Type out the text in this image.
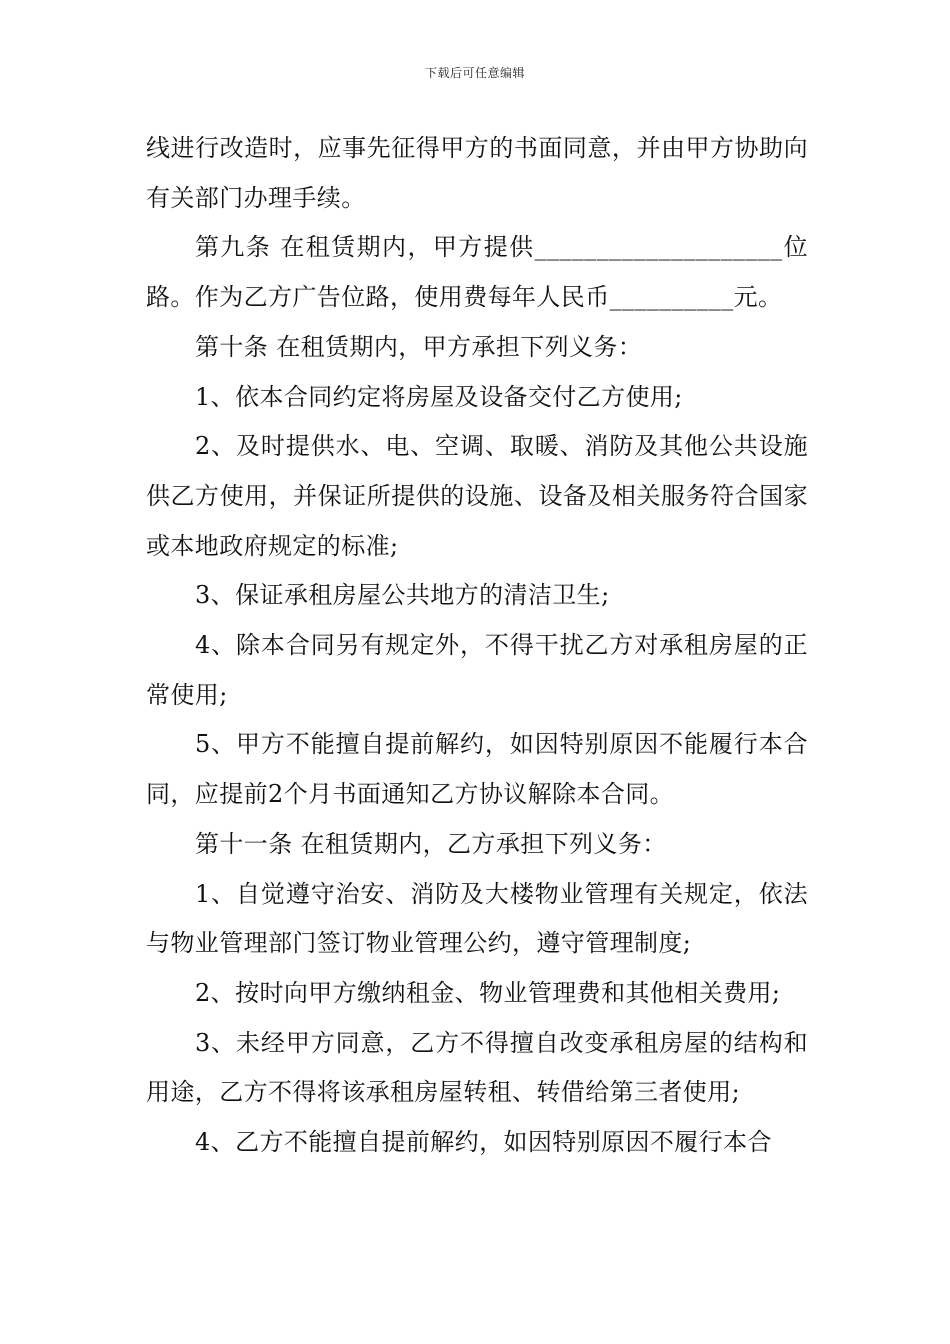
下载后可任意编辑

线进行改造时，应事先征得甲方的书面同意，并由甲方协助向有关部门办理手续。

第九条 在租赁期内，甲方提供____________________位路。作为乙方广告位路，使用费每年人民币__________元。

第十条 在租赁期内，甲方承担下列义务：

1、依本合同约定将房屋及设备交付乙方使用;

2、及时提供水、电、空调、取暖、消防及其他公共设施供乙方使用，并保证所提供的设施、设备及相关服务符合国家或本地政府规定的标准;

3、保证承租房屋公共地方的清洁卫生;

4、除本合同另有规定外，不得干扰乙方对承租房屋的正常使用;

5、甲方不能擅自提前解约，如因特别原因不能履行本合同，应提前2个月书面通知乙方协议解除本合同。

第十一条 在租赁期内，乙方承担下列义务：

1、自觉遵守治安、消防及大楼物业管理有关规定，依法与物业管理部门签订物业管理公约，遵守管理制度;

2、按时向甲方缴纳租金、物业管理费和其他相关费用;

3、未经甲方同意，乙方不得擅自改变承租房屋的结构和用途，乙方不得将该承租房屋转租、转借给第三者使用;

4、乙方不能擅自提前解约，如因特别原因不履行本合
